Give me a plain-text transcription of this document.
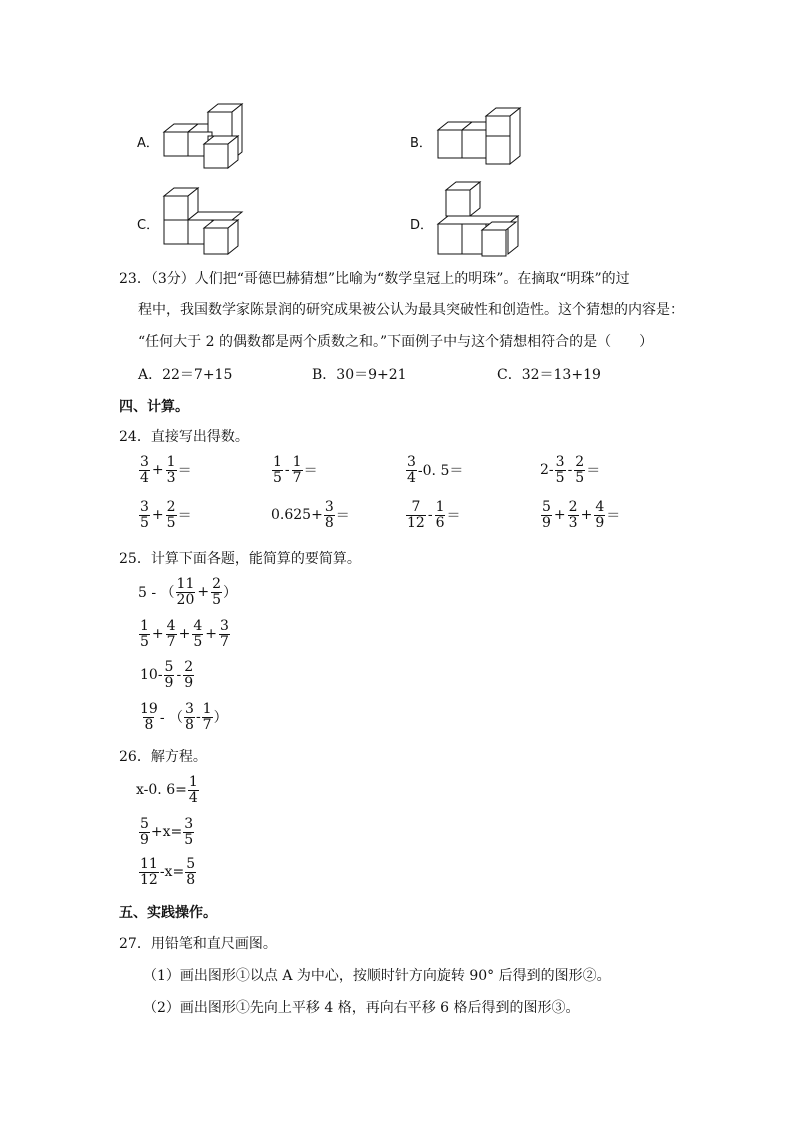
A．	B．
C．	D．
23．（3分）人们把“哥德巴赫猜想”比喻为“数学皇冠上的明珠”。在摘取“明珠”的过
程中，我国数学家陈景润的研究成果被公认为最具突破性和创造性。这个猜想的内容是：
“任何大于 2 的偶数都是两个质数之和。”下面例子中与这个猜想相符合的是（　　）
A．22＝7+15	B．30＝9+21	C．32＝13+19
四、计算。
24．直接写出得数。
$\frac{3}{4} + \frac{1}{3}$ ＝	$\frac{1}{5} - \frac{1}{7}$ ＝	$\frac{3}{4} -0$. 5＝	$2- \frac{3}{5} - \frac{2}{5}$ ＝
$\frac{3}{5} + \frac{2}{5}$ ＝	$0.625+ \frac{3}{8}$ ＝	$\frac{7}{12} - \frac{1}{6}$ ＝	$\frac{5}{9} + \frac{2}{3} + \frac{4}{9}$ ＝
25．计算下面各题，能简算的要简算。
5 - （ $\frac{11}{20} + \frac{2}{5}$ ）
$\frac{1}{5} + \frac{4}{7} + \frac{4}{5} + \frac{3}{7}$
$10- \frac{5}{9} - \frac{2}{9}$
$\frac{19}{8}$ - （ $\frac{3}{8} - \frac{1}{7}$ ）
26．解方程。
x-0. $6= \frac{1}{4}$
$\frac{5}{9} +x= \frac{3}{5}$
$\frac{11}{12} -x= \frac{5}{8}$
五、实践操作。
27．用铅笔和直尺画图。
（1）画出图形①以点 A 为中心，按顺时针方向旋转 90° 后得到的图形②。
（2）画出图形①先向上平移 4 格，再向右平移 6 格后得到的图形③。
